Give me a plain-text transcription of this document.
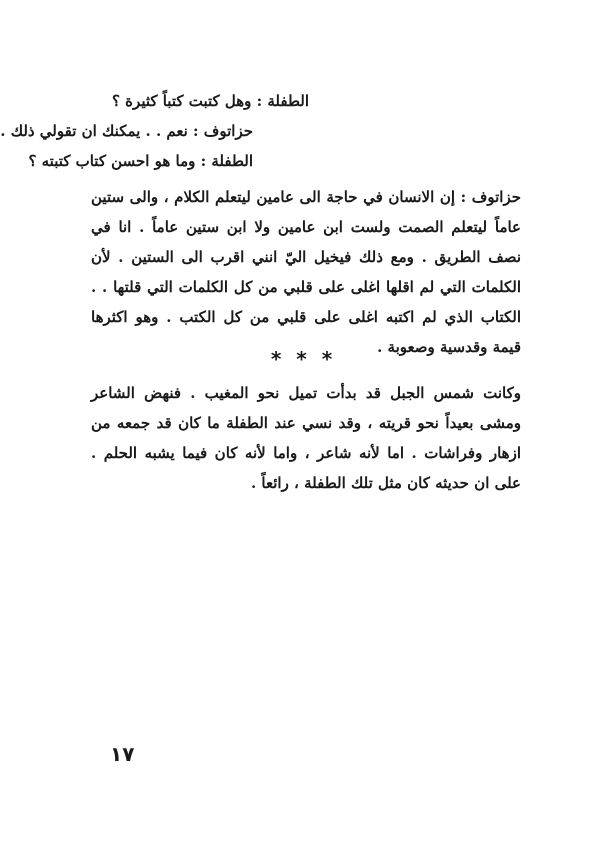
الطفلة : وهل كتبت كتباً كثيرة ؟
حزاتوف : نعم . . يمكنك ان تقولي ذلك .
الطفلة : وما هو احسن كتاب كتبته ؟
حزاتوف : إن الانسان في حاجة الى عامين ليتعلم الكلام ، والى ستين عاماً ليتعلم الصمت ولست ابن عامين ولا ابن ستين عاماً . انا في نصف الطريق . ومع ذلك فيخيل اليّ انني اقرب الى الستين . لأن الكلمات التي لم اقلها اغلى على قلبي من كل الكلمات التي قلتها . . الكتاب الذي لم اكتبه اغلى على قلبي من كل الكتب . وهو اكثرها قيمة وقدسية وصعوبة .
* * *
وكانت شمس الجبل قد بدأت تميل نحو المغيب . فنهض الشاعر ومشى بعيداً نحو قريته ، وقد نسي عند الطفلة ما كان قد جمعه من ازهار وفراشات . اما لأنه شاعر ، واما لأنه كان فيما يشبه الحلم . على ان حديثه كان مثل تلك الطفلة ، رائعاً .
١٧
